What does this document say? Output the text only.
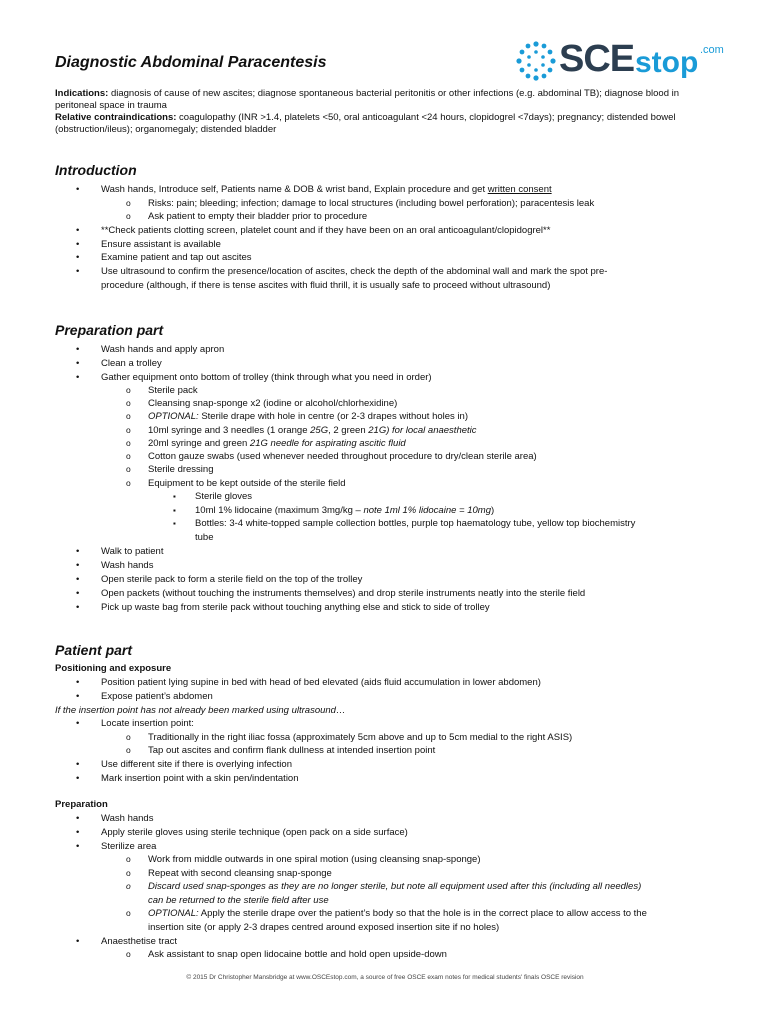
SCE stop .com
Diagnostic Abdominal Paracentesis
Indications: diagnosis of cause of new ascites; diagnose spontaneous bacterial peritonitis or other infections (e.g. abdominal TB); diagnose blood in peritoneal space in trauma
Relative contraindications: coagulopathy (INR >1.4, platelets <50, oral anticoagulant <24 hours, clopidogrel <7days); pregnancy; distended bowel (obstruction/ileus); organomegaly; distended bladder
Introduction
• Wash hands, Introduce self, Patients name & DOB & wrist band, Explain procedure and get written consent
o Risks: pain; bleeding; infection; damage to local structures (including bowel perforation); paracentesis leak
o Ask patient to empty their bladder prior to procedure
• **Check patients clotting screen, platelet count and if they have been on an oral anticoagulant/clopidogrel**
• Ensure assistant is available
• Examine patient and tap out ascites
• Use ultrasound to confirm the presence/location of ascites, check the depth of the abdominal wall and mark the spot pre-
procedure (although, if there is tense ascites with fluid thrill, it is usually safe to proceed without ultrasound)
Preparation part
• Wash hands and apply apron
• Clean a trolley
• Gather equipment onto bottom of trolley (think through what you need in order)
o Sterile pack
o Cleansing snap-sponge x2 (iodine or alcohol/chlorhexidine)
o OPTIONAL: Sterile drape with hole in centre (or 2-3 drapes without holes in)
o 10ml syringe and 3 needles (1 orange 25G, 2 green 21G) for local anaesthetic
o 20ml syringe and green 21G needle for aspirating ascitic fluid
o Cotton gauze swabs (used whenever needed throughout procedure to dry/clean sterile area)
o Sterile dressing
o Equipment to be kept outside of the sterile field
▪ Sterile gloves
▪ 10ml 1% lidocaine (maximum 3mg/kg – note 1ml 1% lidocaine = 10mg)
▪ Bottles: 3-4 white-topped sample collection bottles, purple top haematology tube, yellow top biochemistry
tube
• Walk to patient
• Wash hands
• Open sterile pack to form a sterile field on the top of the trolley
• Open packets (without touching the instruments themselves) and drop sterile instruments neatly into the sterile field
• Pick up waste bag from sterile pack without touching anything else and stick to side of trolley
Patient part
Positioning and exposure
• Position patient lying supine in bed with head of bed elevated (aids fluid accumulation in lower abdomen)
• Expose patient’s abdomen
If the insertion point has not already been marked using ultrasound…
• Locate insertion point:
o Traditionally in the right iliac fossa (approximately 5cm above and up to 5cm medial to the right ASIS)
o Tap out ascites and confirm flank dullness at intended insertion point
• Use different site if there is overlying infection
• Mark insertion point with a skin pen/indentation
Preparation
• Wash hands
• Apply sterile gloves using sterile technique (open pack on a side surface)
• Sterilize area
o Work from middle outwards in one spiral motion (using cleansing snap-sponge)
o Repeat with second cleansing snap-sponge
o Discard used snap-sponges as they are no longer sterile, but note all equipment used after this (including all needles)
can be returned to the sterile field after use
o OPTIONAL: Apply the sterile drape over the patient’s body so that the hole is in the correct place to allow access to the
insertion site (or apply 2-3 drapes centred around exposed insertion site if no holes)
• Anaesthetise tract
o Ask assistant to snap open lidocaine bottle and hold open upside-down
© 2015 Dr Christopher Mansbridge at www.OSCEstop.com, a source of free OSCE exam notes for medical students' finals OSCE revision
